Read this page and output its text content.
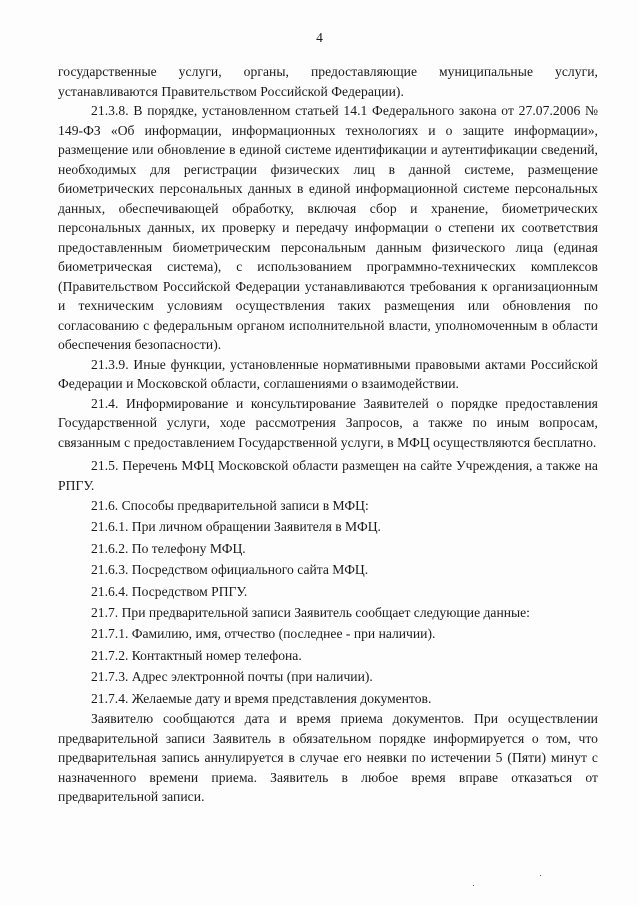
4

государственные услуги, органы, предоставляющие муниципальные услуги, устанавливаются Правительством Российской Федерации).

21.3.8. В порядке, установленном статьей 14.1 Федерального закона от 27.07.2006 № 149-ФЗ «Об информации, информационных технологиях и о защите информации», размещение или обновление в единой системе идентификации и аутентификации сведений, необходимых для регистрации физических лиц в данной системе, размещение биометрических персональных данных в единой информационной системе персональных данных, обеспечивающей обработку, включая сбор и хранение, биометрических персональных данных, их проверку и передачу информации о степени их соответствия предоставленным биометрическим персональным данным физического лица (единая биометрическая система), с использованием программно-технических комплексов (Правительством Российской Федерации устанавливаются требования к организационным и техническим условиям осуществления таких размещения или обновления по согласованию с федеральным органом исполнительной власти, уполномоченным в области обеспечения безопасности).

21.3.9. Иные функции, установленные нормативными правовыми актами Российской Федерации и Московской области, соглашениями о взаимодействии.

21.4. Информирование и консультирование Заявителей о порядке предоставления Государственной услуги, ходе рассмотрения Запросов, а также по иным вопросам, связанным с предоставлением Государственной услуги, в МФЦ осуществляются бесплатно.

21.5. Перечень МФЦ Московской области размещен на сайте Учреждения, а также на РПГУ.

21.6. Способы предварительной записи в МФЦ:

21.6.1. При личном обращении Заявителя в МФЦ.

21.6.2. По телефону МФЦ.

21.6.3. Посредством официального сайта МФЦ.

21.6.4. Посредством РПГУ.

21.7. При предварительной записи Заявитель сообщает следующие данные:

21.7.1. Фамилию, имя, отчество (последнее - при наличии).

21.7.2. Контактный номер телефона.

21.7.3. Адрес электронной почты (при наличии).

21.7.4. Желаемые дату и время представления документов.

Заявителю сообщаются дата и время приема документов. При осуществлении предварительной записи Заявитель в обязательном порядке информируется о том, что предварительная запись аннулируется в случае его неявки по истечении 5 (Пяти) минут с назначенного времени приема. Заявитель в любое время вправе отказаться от предварительной записи.
